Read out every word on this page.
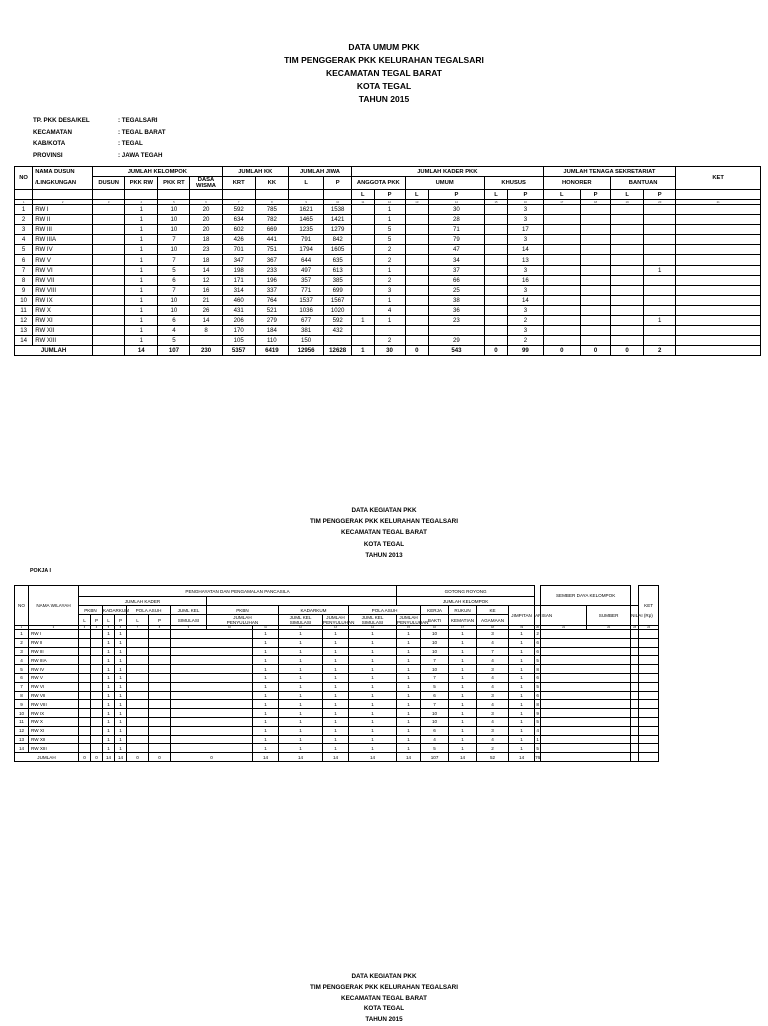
DATA UMUM PKK
TIM PENGGERAK PKK KELURAHAN TEGALSARI
KECAMATAN TEGAL BARAT
KOTA TEGAL
TAHUN 2015
TP. PKK DESA/KEL	: TEGALSARI
KECAMATAN	: TEGAL BARAT
KAB/KOTA	: TEGAL
PROVINSI	: JAWA TEGAH
NO	NAMA DUSUN	JUMLAH KELOMPOK				JUMLAH KK		JUMLAH JIWA		JUMLAH KADER PKK						JUMLAH TENAGA SEKRETARIAT				KET
	/LINGKUNGAN	DUSUN	PKK RW	PKK RT	DASA
WISMA	KRT	KK	L	P	ANGGOTA PKK		UMUM		KHUSUS		HONORER		BANTUAN		
										L	P	L	P	L	P	L	P	L	P	
1	2	3	4	5	6	7	8	9	10	11	12	13	14	15	16	17	18	19	20	21
1	RW I		1	10	20	592	785	1621	1538		1		30		3					
2	RW II		1	10	20	634	782	1465	1421		1		28		3					
3	RW III		1	10	20	602	669	1235	1279		5		71		17					
4	RW IIIA		1	7	18	426	441	791	842		5		79		3					
5	RW IV		1	10	23	701	751	1794	1605		2		47		14					
6	RW V		1	7	18	347	367	644	635		2		34		13					
7	RW VI		1	5	14	198	233	497	613		1		37		3				1	
8	RW VII		1	6	12	171	196	357	385		2		66		16					
9	RW VIII		1	7	16	314	337	771	699		3		25		3					
10	RW IX		1	10	21	460	764	1537	1567		1		38		14					
11	RW X		1	10	26	431	521	1036	1020		4		36		3					
12	RW XI		1	6	14	206	279	677	592	1	1		23		2				1	
13	RW XII		1	4	8	170	184	381	432						3					
14	RW XIII		1	5		105	110	150			2		29		2					
JUMLAH			14	107	230	5357	6419	12956	12628	1	30	0	543	0	99	0	0	0	2	
DATA KEGIATAN PKK
TIM PENGGERAK PKK KELURAHAN TEGALSARI
KECAMATAN TEGAL BARAT
KOTA TEGAL
TAHUN 2013
POKJA I
NO	NAMA WILAYAH	PENGHAYATAN DAN PENGAMALAN PANCASILA												GOTONG ROYONG						SEMBER DAYA KELOMPOK			KET	
		JUMLAH KADER												JUMLAH KELOMPOK										
		PKBN		KADARKUM		POLA ASUH		JUML KEL	PKBN		KADARKUM		POLA ASUH		KERJA	RUKUN	KE	JIMPITAN	ARISAN		SUMBER	NILAI (Rp)		
		L	P	L	P	L	P	SIMULASI	JUMLAH
PENYULUHAN		JUML KEL
SIMULASI	JUMLAH
PENYULUHAN	JUML KEL
SIMULASI	JUMLAH
PENYULUHAN	BAKTI	KEMATIAN	AGAMAAN							
1	2	3	4	5	6	7	8	9	10	11	12	13	14	15	16	17	18	19	20	21	22	23	24	
1	RW I			1	1					1	1	1	1	1	10	1	3	1	2					
2	RW II			1	1					1	1	1	1	1	10	1	4	1	6					
3	RW III			1	1					1	1	1	1	1	10	1	7	1	6					
4	RW IIIA			1	1					1	1	1	1	1	7	1	4	1	5					
5	RW IV			1	1					1	1	1	1	1	10	1	3	1	8					
6	RW V			1	1					1	1	1	1	1	7	1	4	1	6					
7	RW VI			1	1					1	1	1	1	1	5	1	4	1	5					
8	RW VII			1	1					1	1	1	1	1	6	1	3	1	6					
9	RW VIII			1	1					1	1	1	1	1	7	1	4	1	8					
10	RW IX			1	1					1	1	1	1	1	10	1	3	1	9					
11	RW X			1	1					1	1	1	1	1	10	1	4	1	5					
12	RW XI			1	1					1	1	1	1	1	6	1	3	1	4					
13	RW XII			1	1					1	1	1	1	1	4	1	4	1	1					
14	RW XIII			1	1					1	1	1	1	1	5	1	2	1	5					
JUMLAH		0	0	14	14	0	0	0		14	14	14	14	14	107	14	52	14	76					
DATA KEGIATAN PKK
TIM PENGGERAK PKK KELURAHAN TEGALSARI
KECAMATAN TEGAL BARAT
KOTA TEGAL
TAHUN 2015
